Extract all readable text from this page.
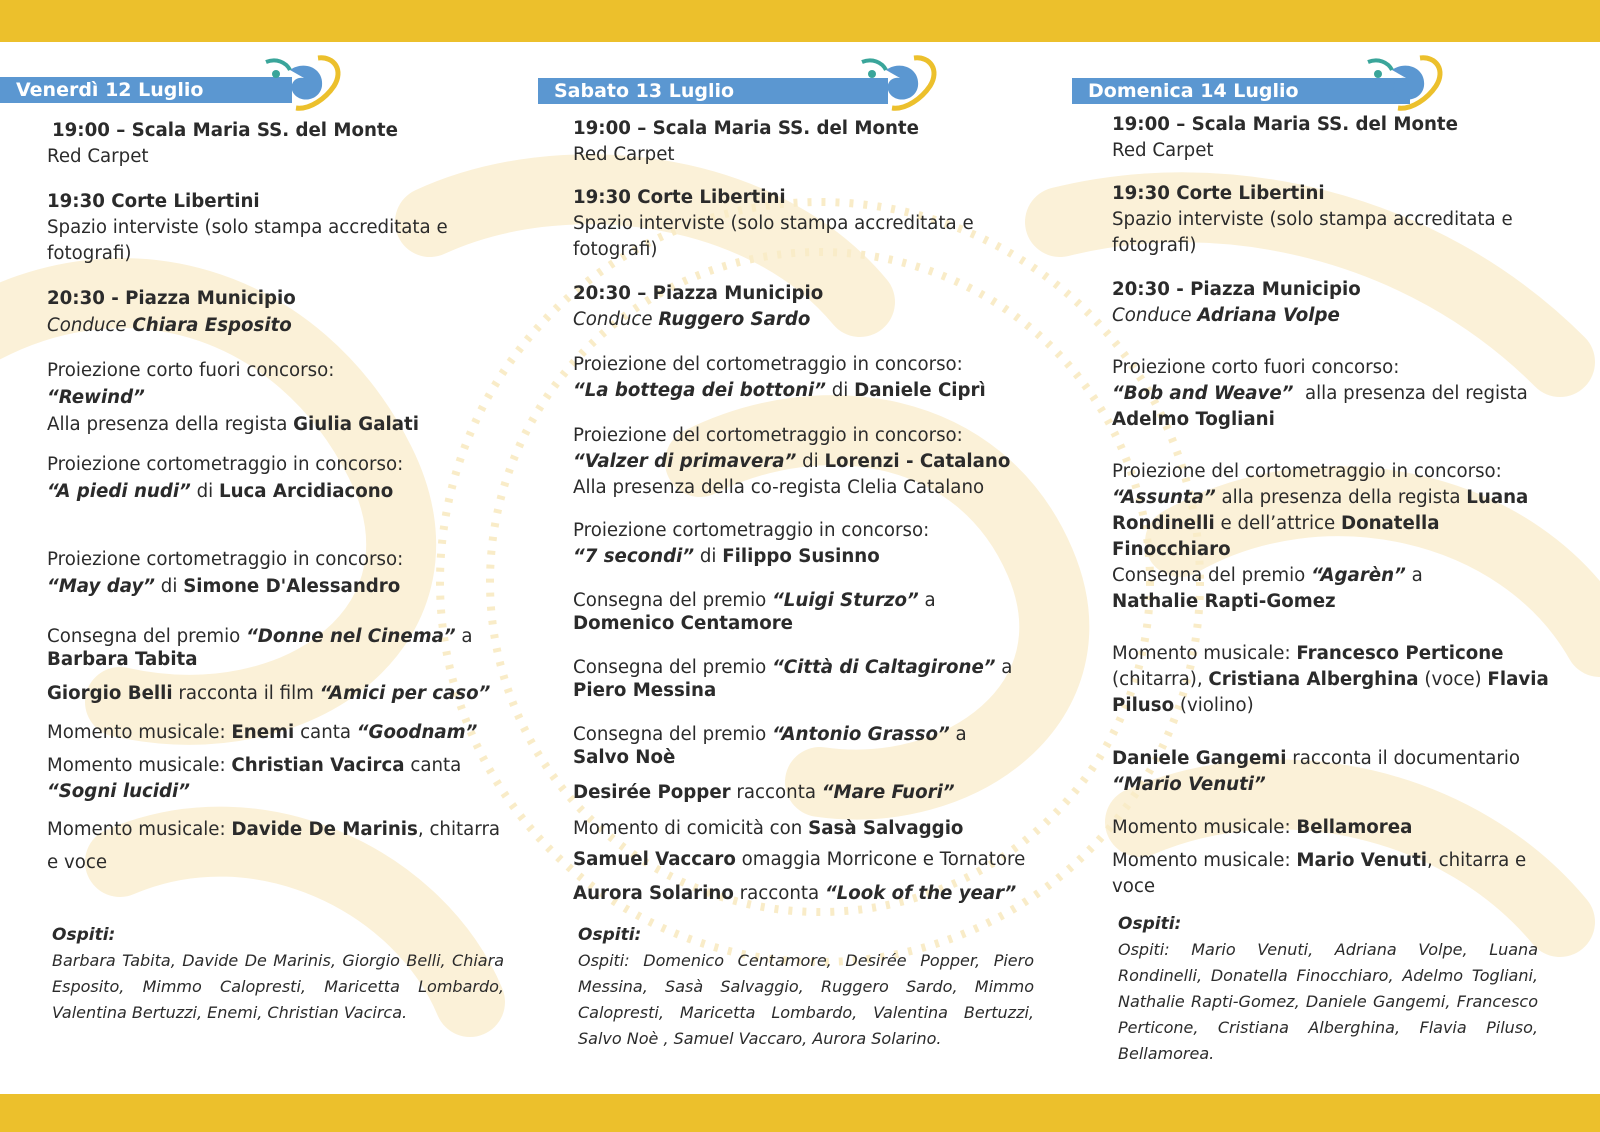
Venerdì 12 Luglio
19:00 – Scala Maria SS. del Monte
Red Carpet
19:30 Corte Libertini
Spazio interviste (solo stampa accreditata e fotografi)
20:30 - Piazza Municipio
Conduce Chiara Esposito
Proiezione corto fuori concorso:
“Rewind”
Alla presenza della regista Giulia Galati
Proiezione cortometraggio in concorso:
“A piedi nudi” di Luca Arcidiacono
Proiezione cortometraggio in concorso:
“May day” di Simone D'Alessandro
Consegna del premio “Donne nel Cinema” a
Barbara Tabita
Giorgio Belli racconta il film “Amici per caso”
Momento musicale: Enemi canta “Goodnam”
Momento musicale: Christian Vacirca canta
“Sogni lucidi”
Momento musicale: Davide De Marinis, chitarra e voce
Ospiti:
Barbara Tabita, Davide De Marinis, Giorgio Belli, Chiara Esposito, Mimmo Calopresti, Maricetta Lombardo, Valentina Bertuzzi, Enemi, Christian Vacirca.
Sabato 13 Luglio
19:00 – Scala Maria SS. del Monte
Red Carpet
19:30 Corte Libertini
Spazio interviste (solo stampa accreditata e fotografi)
20:30 – Piazza Municipio
Conduce Ruggero Sardo
Proiezione del cortometraggio in concorso:
“La bottega dei bottoni” di Daniele Ciprì
Proiezione del cortometraggio in concorso:
“Valzer di primavera” di Lorenzi - Catalano
Alla presenza della co-regista Clelia Catalano
Proiezione cortometraggio in concorso:
“7 secondi” di Filippo Susinno
Consegna del premio “Luigi Sturzo” a
Domenico Centamore
Consegna del premio “Città di Caltagirone” a
Piero Messina
Consegna del premio “Antonio Grasso” a
Salvo Noè
Desirée Popper racconta “Mare Fuori”
Momento di comicità con Sasà Salvaggio
Samuel Vaccaro omaggia Morricone e Tornatore
Aurora Solarino racconta “Look of the year”
Ospiti:
Ospiti: Domenico Centamore, Desirée Popper, Piero Messina, Sasà Salvaggio, Ruggero Sardo, Mimmo Calopresti, Maricetta Lombardo, Valentina Bertuzzi, Salvo Noè , Samuel Vaccaro, Aurora Solarino.
Domenica 14 Luglio
19:00 – Scala Maria SS. del Monte
Red Carpet
19:30 Corte Libertini
Spazio interviste (solo stampa accreditata e fotografi)
20:30 - Piazza Municipio
Conduce Adriana Volpe
Proiezione corto fuori concorso:
“Bob and Weave”  alla presenza del regista
Adelmo Togliani
Proiezione del cortometraggio in concorso:
“Assunta” alla presenza della regista Luana Rondinelli e dell’attrice Donatella Finocchiaro
Consegna del premio “Agarèn” a
Nathalie Rapti-Gomez
Momento musicale: Francesco Perticone (chitarra), Cristiana Alberghina (voce) Flavia Piluso (violino)
Daniele Gangemi racconta il documentario
“Mario Venuti”
Momento musicale: Bellamorea
Momento musicale: Mario Venuti, chitarra e voce
Ospiti:
Ospiti: Mario Venuti, Adriana Volpe, Luana Rondinelli, Donatella Finocchiaro, Adelmo Togliani, Nathalie Rapti-Gomez, Daniele Gangemi, Francesco Perticone, Cristiana Alberghina, Flavia Piluso, Bellamorea.
